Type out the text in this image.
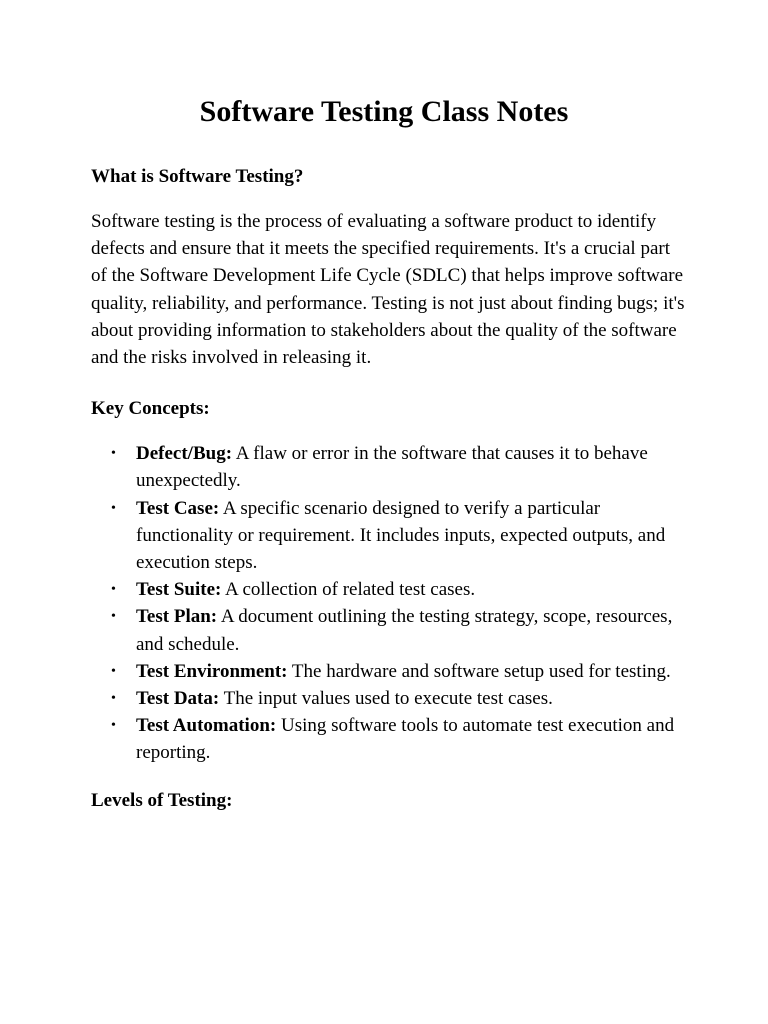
Software Testing Class Notes
What is Software Testing?

Software testing is the process of evaluating a software product to identify defects and ensure that it meets the specified requirements. It's a crucial part of the Software Development Life Cycle (SDLC) that helps improve software quality, reliability, and performance. Testing is not just about finding bugs; it's about providing information to stakeholders about the quality of the software and the risks involved in releasing it.

Key Concepts:
• Defect/Bug: A flaw or error in the software that causes it to behave unexpectedly.
• Test Case: A specific scenario designed to verify a particular functionality or requirement. It includes inputs, expected outputs, and execution steps.
• Test Suite: A collection of related test cases.
• Test Plan: A document outlining the testing strategy, scope, resources, and schedule.
• Test Environment: The hardware and software setup used for testing.
• Test Data: The input values used to execute test cases.
• Test Automation: Using software tools to automate test execution and reporting.
Levels of Testing:
